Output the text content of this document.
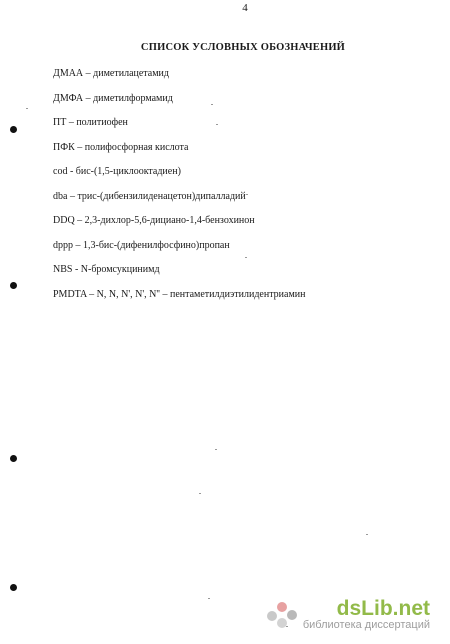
4
СПИСОК УСЛОВНЫХ ОБОЗНАЧЕНИЙ
ДМАА – диметилацетамид
ДМФА – диметилформамид
ПТ – политиофен
ПФК – полифосфорная кислота
cod - бис-(1,5-циклооктадиен)
dba – трис-(дибензилиденацетон)дипалладий
DDQ – 2,3-дихлор-5,6-дициано-1,4-бензохинон
dppp – 1,3-бис-(дифенилфосфино)пропан
NBS - N-бромсукцинимд
PMDTA – N, N, N', N', N'' – пентаметилдиэтилидентриамин
dsLib.net
библиотека диссертаций
